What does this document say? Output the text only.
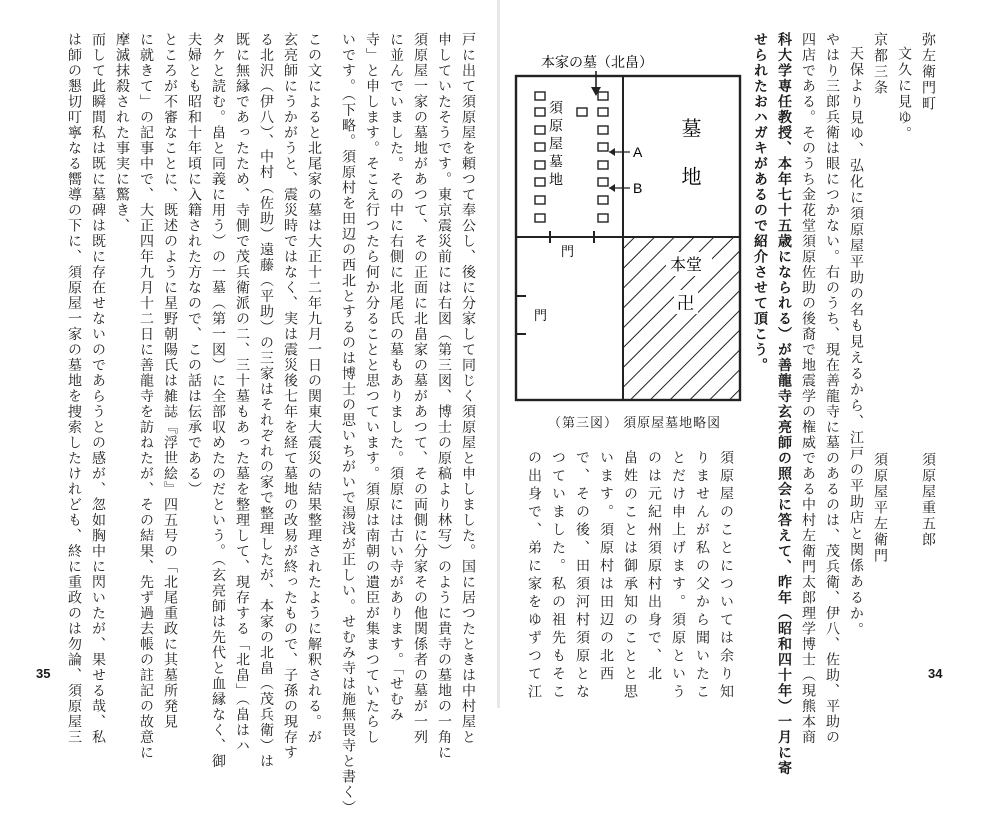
弥左衛門町
文久に見ゆ。
京都三条
天保より見ゆ、弘化に須原屋平助の名も見えるから、江戸の平助店と関係あるか。	須原屋重五郎
須原屋平左衛門
やはり三郎兵衛は眼につかない。右のうち、現在善龍寺に墓のあるのは、茂兵衛、伊八、佐助、平助の
四店である。そのうち金花堂須原佐助の後裔で地震学の権威である中村左衛門太郎理学博士（現熊本商
科大学専任教授、本年七十五歳になられる）が善龍寺玄亮師の照会に答えて、昨年（昭和四十年）一月に寄
せられたおハガキがあるので紹介させて頂こう。
須原屋のことについては余り知
りませんが私の父から聞いたこ
とだけ申上げます。須原という
のは元紀州須原村出身で、北
畠姓のことは御承知のことと思
います。須原村は田辺の北西
で、その後、田須河村須原とな
つていました。私の祖先もそこ
の出身で、弟に家をゆずつて江	34
本家の墓（北畠）
本堂
卍
墓地
須原屋墓地	A
B
門
門
（第三図） 須原屋墓地略図
戸に出て須原屋を頼つて奉公し、後に分家して同じく須原屋と申しました。国に居つたときは中村屋と
申していたそうです。東京震災前には右図（第三図、博士の原稿より林写）のように貴寺の墓地の一角に
須原屋一家の墓地があつて、その正面に北畠家の墓があつて、その両側に分家その他関係者の墓が一列
に並んでいました。その中に右側に北尾氏の墓もありました。須原には古い寺があります。「せむみ
寺」と申します。そこえ行つたら何か分ることと思つています。須原は南朝の遺臣が集まつていたらし
いです。（下略。須原村を田辺の西北とするのは博士の思いちがいで湯浅が正しい。せむみ寺は施無畏寺と書く）
この文によると北尾家の墓は大正十二年九月一日の関東大震災の結果整理されたように解釈される。が
玄亮師にうかがうと、震災時ではなく、実は震災後七年を経て墓地の改易が終ったもので、子孫の現存す
る北沢（伊八）、中村（佐助）遠藤（平助）の三家はそれぞれの家で整理したが、本家の北畠（茂兵衛）は
既に無縁であったため、寺側で茂兵衛派の二、三十墓もあった墓を整理して、現存する「北畠」（畠はハ
タケと読む。畠と同義に用う）の一墓（第一図）に全部収めたのだという。（玄亮師は先代と血縁なく、御
夫婦とも昭和十年頃に入籍された方なので、この話は伝承である）
ところが不審なことに、既述のように星野朝陽氏は雑誌『浮世絵』四五号の「北尾重政に其墓所発見
に就きて」の記事中で、大正四年九月十二日に善龍寺を訪ねたが、その結果、先ず過去帳の註記の故意に
摩滅抹殺された事実に驚き、
而して此瞬間私は既に墓碑は既に存在せないのであらうとの感が、忽如胸中に閃いたが、果せる哉、私
は師の懇切叮寧なる嚮導の下に、須原屋一家の墓地を捜索したけれども、終に重政のは勿論、須原屋三
35
